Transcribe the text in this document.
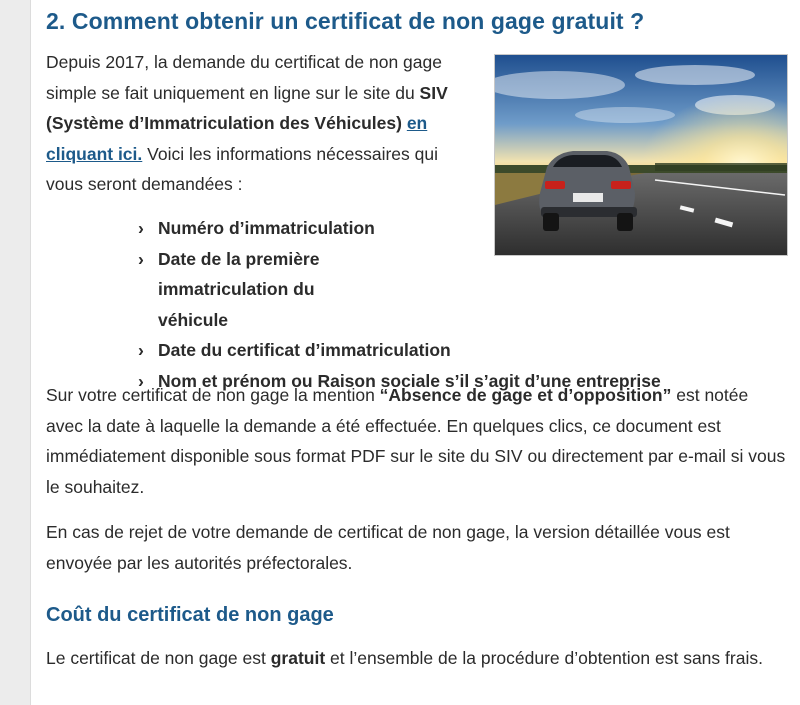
2. Comment obtenir un certificat de non gage gratuit ?

Depuis 2017, la demande du certificat de non gage simple se fait uniquement en ligne sur le site du SIV (Système d’Immatriculation des Véhicules) en cliquant ici. Voici les informations nécessaires qui vous seront demandées :

› Numéro d’immatriculation
› Date de la première immatriculation du véhicule
› Date du certificat d’immatriculation
› Nom et prénom ou Raison sociale s’il s’agit d’une entreprise

Sur votre certificat de non gage la mention “Absence de gage et d’opposition” est notée avec la date à laquelle la demande a été effectuée. En quelques clics, ce document est immédiatement disponible sous format PDF sur le site du SIV ou directement par e-mail si vous le souhaitez.

En cas de rejet de votre demande de certificat de non gage, la version détaillée vous est envoyée par les autorités préfectorales.

Coût du certificat de non gage

Le certificat de non gage est gratuit et l’ensemble de la procédure d’obtention est sans frais.
